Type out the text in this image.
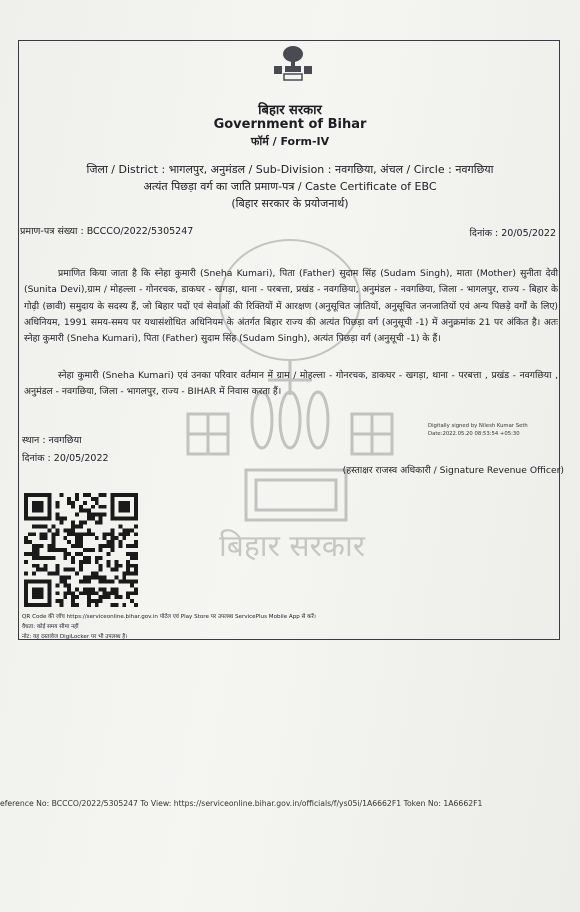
बिहार सरकार
बिहार सरकार
Government of Bihar
फॉर्म / Form-IV
जिला / District : भागलपुर, अनुमंडल / Sub-Division : नवगछिया, अंचल / Circle : नवगछिया
अत्यंत पिछड़ा वर्ग का जाति प्रमाण-पत्र / Caste Certificate of EBC
(बिहार सरकार के प्रयोजनार्थ)
प्रमाण-पत्र संख्या : BCCCO/2022/5305247	दिनांक : 20/05/2022
प्रमाणित किया जाता है कि स्नेहा कुमारी (Sneha Kumari), पिता (Father) सुदाम सिंह (Sudam Singh), माता (Mother) सुनीता देवी (Sunita Devi),ग्राम / मोहल्ला - गोनरचक, डाकघर - खगड़ा, थाना - परबत्ता, प्रखंड - नवगछिया, अनुमंडल - नवगछिया, जिला - भागलपुर, राज्य - बिहार के गोढ़ी (छावी) समुदाय के सदस्य हैं, जो बिहार पदों एवं सेवाओं की रिक्तियों में आरक्षण (अनुसूचित जातियों, अनुसूचित जनजातियों एवं अन्य पिछड़े वर्गों के लिए) अधिनियम, 1991 समय-समय पर यथासंशोधित अधिनियम के अंतर्गत बिहार राज्य की अत्यंत पिछड़ा वर्ग (अनुसूची -1) में अनुक्रमांक 21 पर अंकित है। अतः स्नेहा कुमारी (Sneha Kumari), पिता (Father) सुदाम सिंह (Sudam Singh), अत्यंत पिछड़ा वर्ग (अनुसूची -1) के हैं।
स्नेहा कुमारी (Sneha Kumari) एवं उनका परिवार वर्तमान में ग्राम / मोहल्ला - गोनरचक, डाकघर - खगड़ा, थाना - परबत्ता , प्रखंड - नवगछिया , अनुमंडल - नवगछिया, जिला - भागलपुर, राज्य - BIHAR में निवास करता हैं।
Digitally signed by Nilesh Kumar Seth
Date:2022.05.20 08:53:54 +05:30
स्थान : नवगछिया
दिनांक : 20/05/2022
(हस्ताक्षर राजस्व अधिकारी / Signature Revenue Officer)
QR Code की जाँच https://serviceonline.bihar.gov.in पोर्टल एवं Play Store पर उपलब्ध ServicePlus Mobile App से करें।
वैधता: कोई समय सीमा नहीं
नोट: यह दस्तावेज DigiLocker पर भी उपलब्ध है।
eference No: BCCCO/2022/5305247 To View: https://serviceonline.bihar.gov.in/officials/f/ys05i/1A6662F1 Token No: 1A6662F1
